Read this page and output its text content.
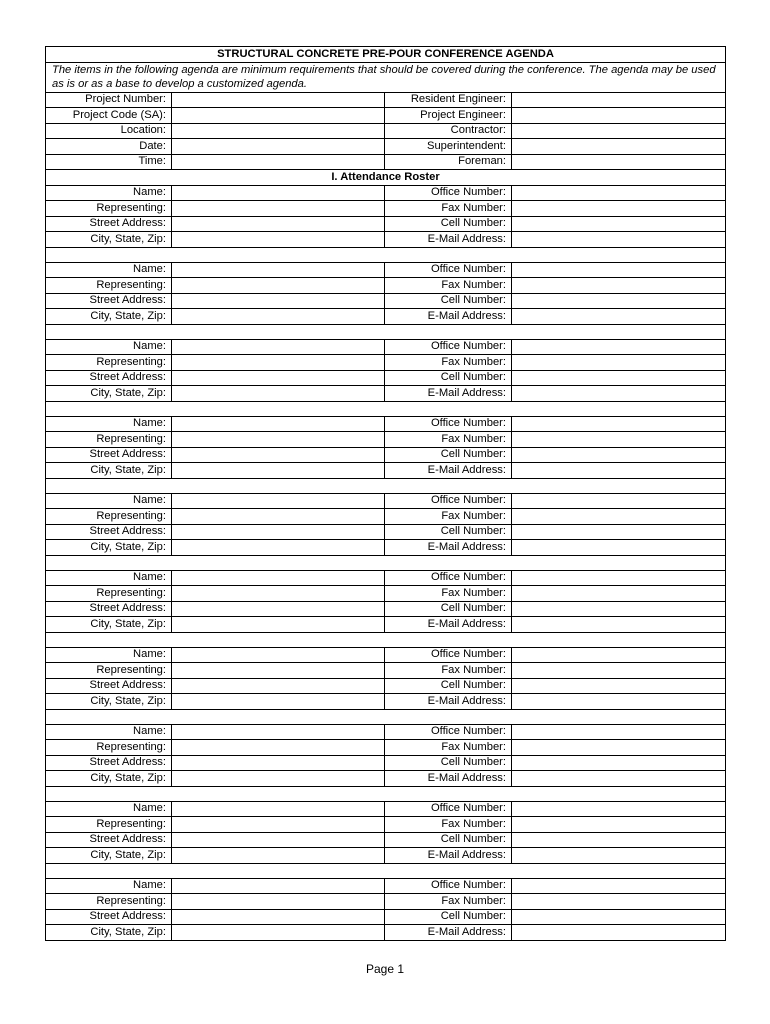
STRUCTURAL CONCRETE PRE-POUR CONFERENCE AGENDA			
The items in the following agenda are minimum requirements that should be covered during the conference. The agenda may be used as is or as a base to develop a customized agenda.			
Project Number:		Resident Engineer:	
Project Code (SA):		Project Engineer:	
Location:		Contractor:	
Date:		Superintendent:	
Time:		Foreman:	
I. Attendance Roster			
Name:		Office Number:	
Representing:		Fax Number:	
Street Address:		Cell Number:	
City, State, Zip:		E-Mail Address:	

Name:		Office Number:	
Representing:		Fax Number:	
Street Address:		Cell Number:	
City, State, Zip:		E-Mail Address:	

Name:		Office Number:	
Representing:		Fax Number:	
Street Address:		Cell Number:	
City, State, Zip:		E-Mail Address:	

Name:		Office Number:	
Representing:		Fax Number:	
Street Address:		Cell Number:	
City, State, Zip:		E-Mail Address:	

Name:		Office Number:	
Representing:		Fax Number:	
Street Address:		Cell Number:	
City, State, Zip:		E-Mail Address:	

Name:		Office Number:	
Representing:		Fax Number:	
Street Address:		Cell Number:	
City, State, Zip:		E-Mail Address:	

Name:		Office Number:	
Representing:		Fax Number:	
Street Address:		Cell Number:	
City, State, Zip:		E-Mail Address:	

Name:		Office Number:	
Representing:		Fax Number:	
Street Address:		Cell Number:	
City, State, Zip:		E-Mail Address:	

Name:		Office Number:	
Representing:		Fax Number:	
Street Address:		Cell Number:	
City, State, Zip:		E-Mail Address:	

Name:		Office Number:	
Representing:		Fax Number:	
Street Address:		Cell Number:	
City, State, Zip:		E-Mail Address:	
Page 1
